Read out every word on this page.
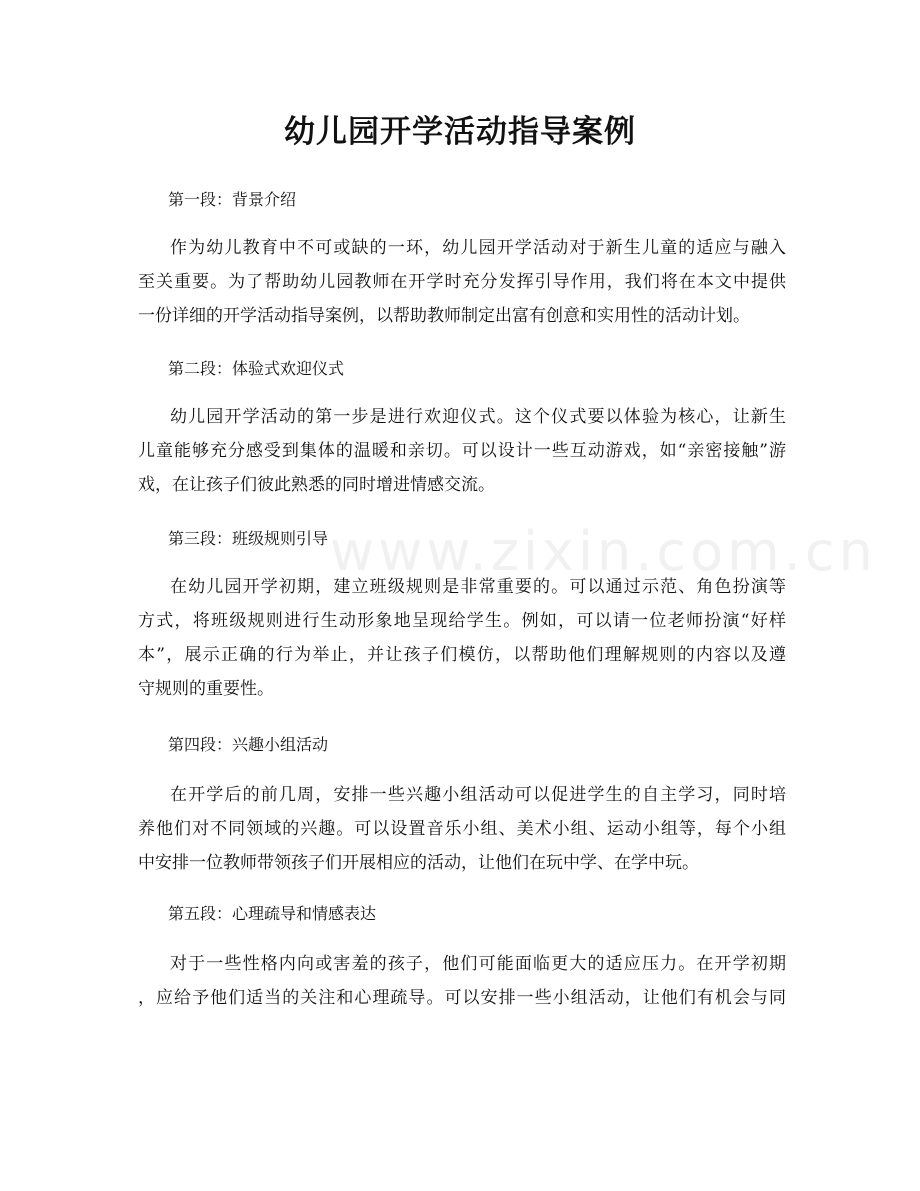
www.zixin.com.cn
幼儿园开学活动指导案例
第一段：背景介绍
作为幼儿教育中不可或缺的一环，幼儿园开学活动对于新生儿童的适应与融入
至关重要。为了帮助幼儿园教师在开学时充分发挥引导作用，我们将在本文中提供
一份详细的开学活动指导案例，以帮助教师制定出富有创意和实用性的活动计划。
第二段：体验式欢迎仪式
幼儿园开学活动的第一步是进行欢迎仪式。这个仪式要以体验为核心，让新生
儿童能够充分感受到集体的温暖和亲切。可以设计一些互动游戏，如“亲密接触”游
戏，在让孩子们彼此熟悉的同时增进情感交流。
第三段：班级规则引导
在幼儿园开学初期，建立班级规则是非常重要的。可以通过示范、角色扮演等
方式，将班级规则进行生动形象地呈现给学生。例如，可以请一位老师扮演“好样
本”，展示正确的行为举止，并让孩子们模仿，以帮助他们理解规则的内容以及遵
守规则的重要性。
第四段：兴趣小组活动
在开学后的前几周，安排一些兴趣小组活动可以促进学生的自主学习，同时培
养他们对不同领域的兴趣。可以设置音乐小组、美术小组、运动小组等，每个小组
中安排一位教师带领孩子们开展相应的活动，让他们在玩中学、在学中玩。
第五段：心理疏导和情感表达
对于一些性格内向或害羞的孩子，他们可能面临更大的适应压力。在开学初期
，应给予他们适当的关注和心理疏导。可以安排一些小组活动，让他们有机会与同
